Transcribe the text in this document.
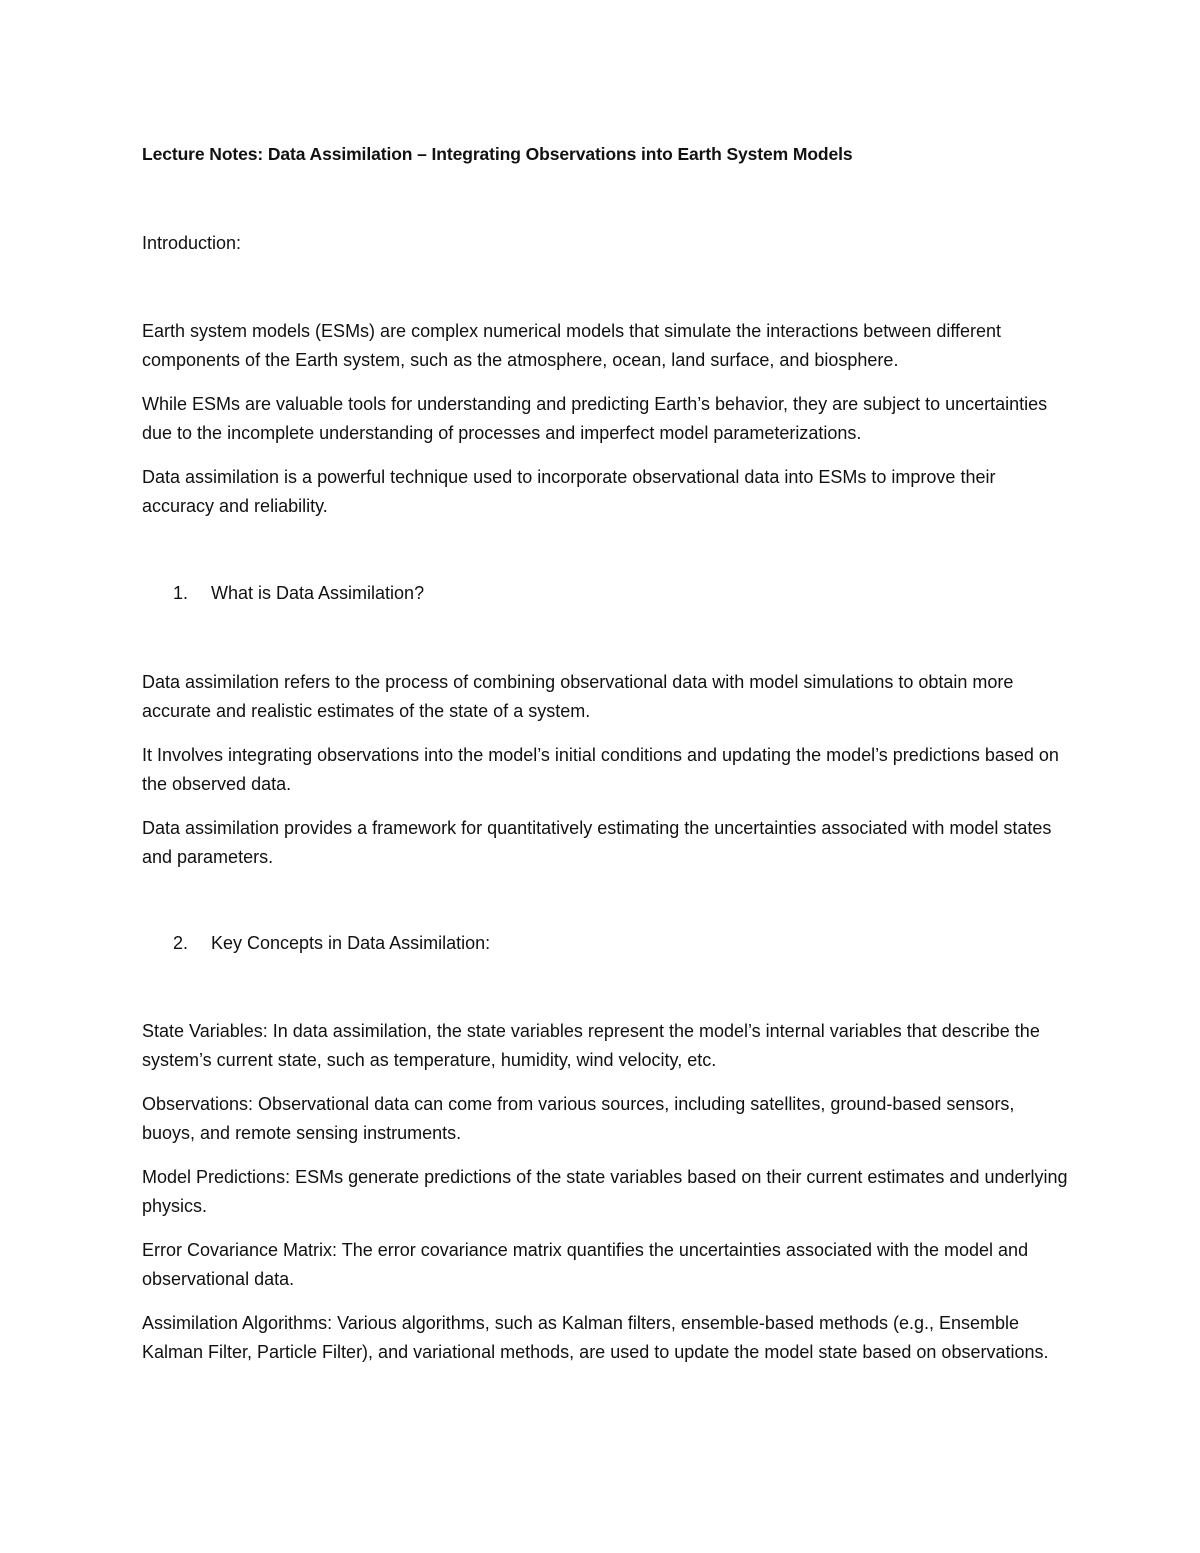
Lecture Notes: Data Assimilation – Integrating Observations into Earth System Models
Introduction:

Earth system models (ESMs) are complex numerical models that simulate the interactions between different components of the Earth system, such as the atmosphere, ocean, land surface, and biosphere.

While ESMs are valuable tools for understanding and predicting Earth’s behavior, they are subject to uncertainties due to the incomplete understanding of processes and imperfect model parameterizations.

Data assimilation is a powerful technique used to incorporate observational data into ESMs to improve their accuracy and reliability.

1. What is Data Assimilation?

Data assimilation refers to the process of combining observational data with model simulations to obtain more accurate and realistic estimates of the state of a system.

It Involves integrating observations into the model’s initial conditions and updating the model’s predictions based on the observed data.

Data assimilation provides a framework for quantitatively estimating the uncertainties associated with model states and parameters.

2. Key Concepts in Data Assimilation:

State Variables: In data assimilation, the state variables represent the model’s internal variables that describe the system’s current state, such as temperature, humidity, wind velocity, etc.

Observations: Observational data can come from various sources, including satellites, ground-based sensors, buoys, and remote sensing instruments.

Model Predictions: ESMs generate predictions of the state variables based on their current estimates and underlying physics.

Error Covariance Matrix: The error covariance matrix quantifies the uncertainties associated with the model and observational data.

Assimilation Algorithms: Various algorithms, such as Kalman filters, ensemble-based methods (e.g., Ensemble Kalman Filter, Particle Filter), and variational methods, are used to update the model state based on observations.
